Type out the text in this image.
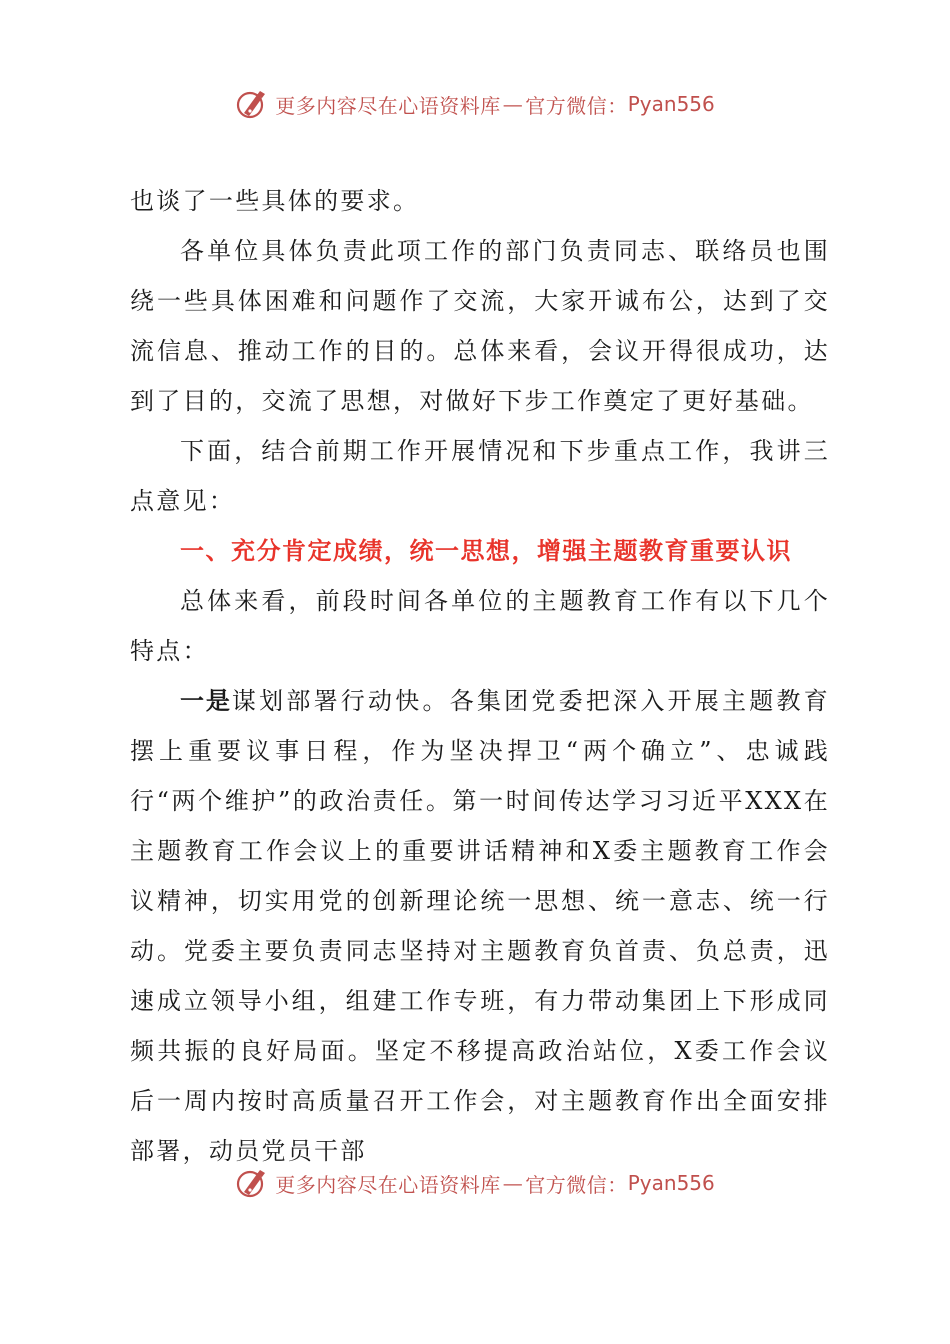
更多内容尽在心语资料库 — 官方微信： Pyan556

也谈了一些具体的要求。

各单位具体负责此项工作的部门负责同志、联络员也围绕一些具体困难和问题作了交流，大家开诚布公，达到了交流信息、推动工作的目的。总体来看，会议开得很成功，达到了目的，交流了思想，对做好下步工作奠定了更好基础。

下面，结合前期工作开展情况和下步重点工作，我讲三点意见：

一、充分肯定成绩，统一思想，增强主题教育重要认识

总体来看，前段时间各单位的主题教育工作有以下几个特点：

一是谋划部署行动快。各集团党委把深入开展主题教育摆上重要议事日程，作为坚决捍卫“两个确立”、忠诚践行“两个维护”的政治责任。第一时间传达学习习近平XXX在主题教育工作会议上的重要讲话精神和X委主题教育工作会议精神，切实用党的创新理论统一思想、统一意志、统一行动。党委主要负责同志坚持对主题教育负首责、负总责，迅速成立领导小组，组建工作专班，有力带动集团上下形成同频共振的良好局面。坚定不移提高政治站位，X委工作会议后一周内按时高质量召开工作会，对主题教育作出全面安排部署，动员党员干部

更多内容尽在心语资料库 — 官方微信： Pyan556
